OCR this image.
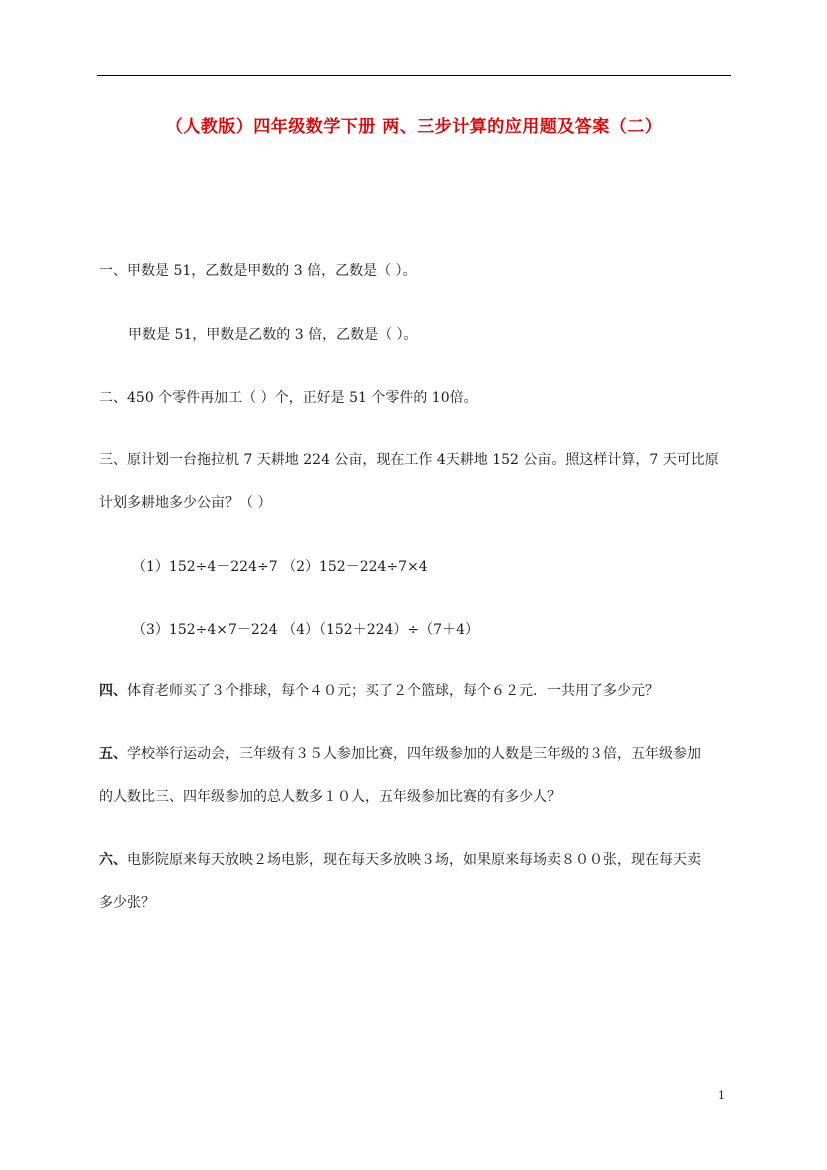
（人教版）四年级数学下册 两、三步计算的应用题及答案（二）
一、甲数是 51，乙数是甲数的 3 倍，乙数是（ ）。
甲数是 51，甲数是乙数的 3 倍，乙数是（ ）。
二、450 个零件再加工（ ）个，正好是 51 个零件的 10倍。
三、原计划一台拖拉机 7 天耕地 224 公亩，现在工作 4天耕地 152 公亩。照这样计算，7 天可比原
计划多耕地多少公亩？（ ）
（1）152÷4－224÷7 （2）152－224÷7×4
（3）152÷4×7－224 （4）（152＋224）÷（7＋4）
四、体育老师买了３个排球，每个４０元；买了２个篮球，每个６２元．一共用了多少元？
五、学校举行运动会，三年级有３５人参加比赛，四年级参加的人数是三年级的３倍，五年级参加
的人数比三、四年级参加的总人数多１０人，五年级参加比赛的有多少人？
六、电影院原来每天放映２场电影，现在每天多放映３场，如果原来每场卖８００张，现在每天卖
多少张？
1
